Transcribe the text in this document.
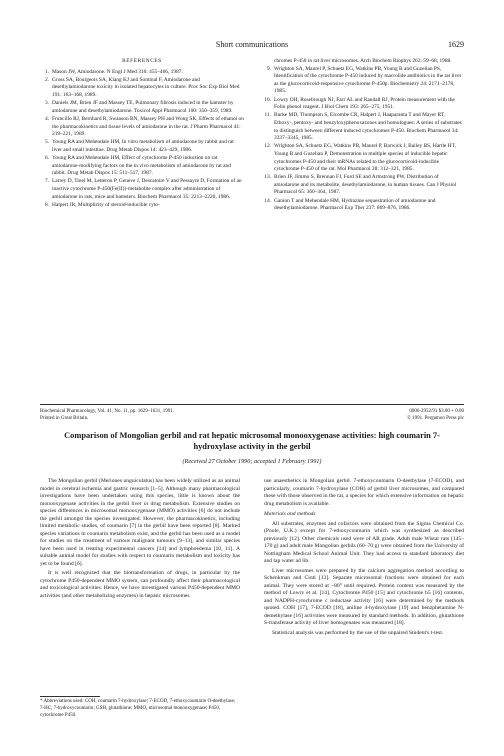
Short communications	1629
REFERENCES
1. Mason JW, Amiodarone. N Engl J Med 316: 455–466, 1987.
2. Gross SA, Bourgeois SA, Klang KJ and Sommal F, Amiodarone and desethylamiodarone toxicity in isolated hepatocytes in culture. Proc Soc Exp Biol Med 191: 163–168, 1989.
3. Daniels JM, Brien JF and Massey TE, Pulmonary fibrosis induced in the hamster by amiodarone and desethylamiodarone. Toxicol Appl Pharmacol 100: 350–359, 1989.
4. Fruncillo RJ, Bernhard R, Swanson BN, Massey PH and Wong SK, Effects of ethanol on the pharmacokinetics and tissue levels of amiodarone in the rat. J Pharm Pharmacol 41: 219–221, 1989.
5. Young RA and Mehendale HM, In vitro metabolism of amiodarone by rabbit and rat liver and small intestine. Drug Metab Dispos 14: 423–429, 1986.
6. Young RA and Mehendale HM, Effect of cytochrome P-450 induction on rat amiodarone-modifying factors on the in vivo metabolism of amiodarone by rat and rabbit. Drug Metab Dispos 15: 511–517, 1987.
7. Larrey D, Tinel M, Letteron P, Geneve J, Descatoire V and Pessayre D, Formation of an inactive cytochrome P-450(Fe(II))-metabolite complex after administration of amiodarone in rats, mice and hamsters. Biochem Pharmacol 35: 2213–2220, 1986.
8. Halpert JR, Multiplicity of steroid-inducible cyto-
chromes P-450 in rat liver microsomes. Arch Biochem Biophys 263: 59–68, 1988.
9. Wrighton SA, Maurel P, Schuetz EG, Watkins PB, Young B and Guzelian PS, Identification of the cytochrome P-450 induced by macrolide antibiotics in the rat liver as the glucocorticoid-responsive cytochrome P-450p. Biochemistry 24: 2171–2178, 1985.
10. Lowry OH, Rosebrough NJ, Farr AL and Randall RJ, Protein measurement with the Folin phenol reagent. J Biol Chem 193: 265–275, 1951.
11. Burke MD, Thompson S, Elcombe CR, Halpert J, Haaparanta T and Mayer RT, Ethoxy-, pentoxy- and benzyloxyphenoxazones and homologues: A series of substrates to distinguish between different induced cytochromes P-450. Biochem Pharmacol 34: 3337–3345, 1985.
12. Wrighton SA, Schuetz EG, Watkins PB, Maurel P, Barwick J, Bailey BS, Hartle HT, Young B and Guzelian P, Demonstration in multiple species of inducible hepatic cytochromes P-450 and their mRNAs related to the glucocorticoid-inducible cytochrome P-450 of the rat. Mol Pharmacol 28: 312–321, 1985.
13. Brien JF, Jimmo S, Brennan FJ, Ford SE and Armstrong PW, Distribution of amiodarone and its metabolite, desethylamiodarone, in human tissues. Can J Physiol Pharmacol 65: 360–364, 1987.
14. Ganion T and Mehendale HM, Hydrazine sequestration of amiodarone and desethylamiodarone. Pharmacol Exp Ther 237: 869–876, 1986.
Biochemical Pharmacology, Vol. 41, No. 11, pp. 1629–1631, 1991.
Printed in Great Britain.
0006-2952/91 $3.00 + 0.00
© 1991. Pergamon Press plc
Comparison of Mongolian gerbil and rat hepatic microsomal monooxygenase activities: high coumarin 7-hydroxylase activity in the gerbil
(Received 27 October 1990; accepted 1 February 1991)

The Mongolian gerbil (Meriones unguiculatus) has been widely utilized as an animal model in cerebral ischemia and gastric research [1–5]. Although many pharmacological investigations have been undertaken using this species, little is known about the monooxygenase activities in the gerbil liver or drug metabolism. Extensive studies on species differences in microsomal monooxygenase (MMO) activities [6] do not include the gerbil amongst the species investigated. However, the pharmacokinetics, including limited metabolic studies, of coumarin [7] in the gerbil have been reported [8]. Marked species variations in coumarin metabolism exist, and the gerbil has been used as a model for studies on the treatment of various malignant tumours [9–13], and similar species have been used in treating experimental cancers [14] and lymphoedema [10, 11]. A suitable animal model for studies with respect to coumarin metabolism and toxicity has yet to be found [6].

It is well recognized that the biotransformation of drugs, in particular by the cytochrome P450-dependent MMO system, can profoundly affect their pharmacological and toxicological activities. Hence, we have investigated various P450-dependent MMO activities (and other metabolizing enzymes) in hepatic microsomes

use anaesthetics in Mongolian gerbil. 7-ethoxycoumarin O-deethylase (7-ECOD), and particularly, coumarin 7-hydroxylase (COH) of gerbil liver microsomes, and compared these with those observed in the rat, a species for which extensive information on hepatic drug metabolism is available.

Materials and methods

All substrates, enzymes and cofactors were obtained from the Sigma Chemical Co. (Poole, U.K.) except for 7-ethoxycoumarin which was synthesized as described previously [12]. Other chemicals used were of AR grade. Adult male Wistar rats (145–170 g) and adult male Mongolian gerbils (60–70 g) were obtained from the University of Nottingham Medical School Animal Unit. They had access to standard laboratory diet and tap water ad lib.

Liver microsomes were prepared by the calcium aggregation method according to Schenkman and Cinti [13]. Separate microsomal fractions were obtained for each animal. They were stored at −80° until required. Protein content was measured by the method of Lowry et al. [14]. Cytochrome P450 [15] and cytochrome b5 [16] contents, and NADPH-cytochrome c reductase activity [16] were determined by the methods quoted. COH [17], 7-ECOD [18], aniline 4-hydroxylase [19] and benzphetamine N-demethylase [16] activities were measured by standard methods. In addition, glutathione S-transferase activity of liver homogenates was measured [18].

Statistical analysis was performed by the use of the unpaired Student's t-test.

* Abbreviations used: COH, coumarin 7-hydroxylase; 7-ECOD, 7-ethoxycoumarin O-deethylase; 7-HC, 7-hydroxycoumarin; GSH, glutathione; MMO, microsomal monooxygenase; P450, cytochrome P450.
